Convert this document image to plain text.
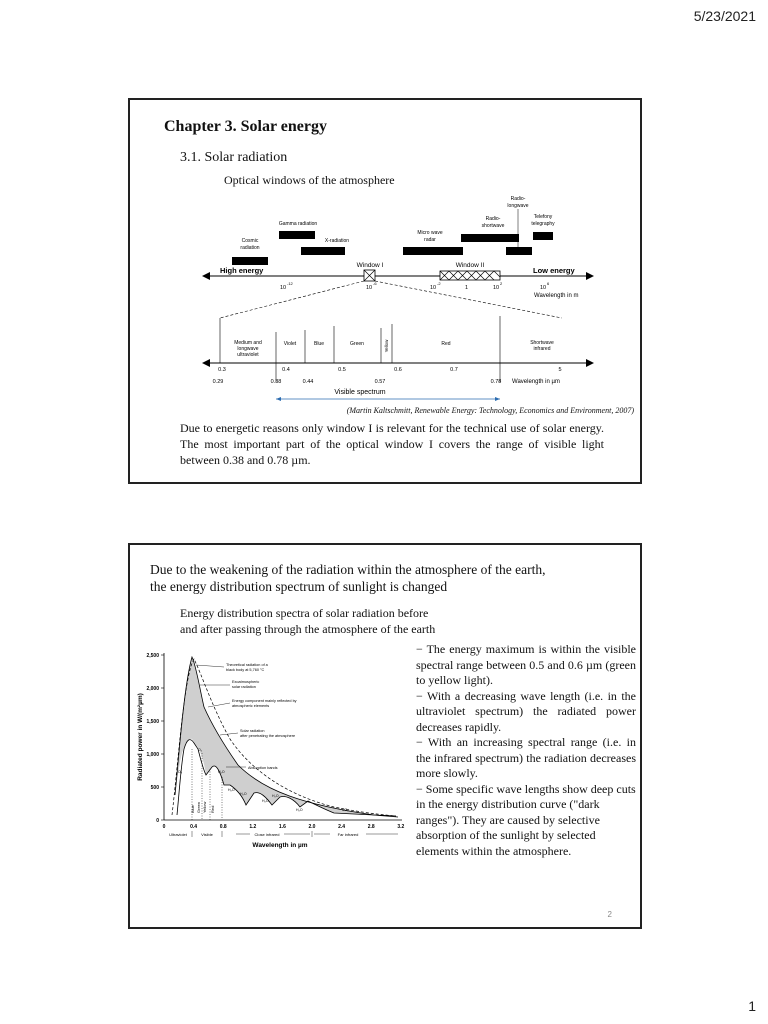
5/23/2021
Chapter 3. Solar energy
3.1. Solar radiation
Optical windows of the atmosphere
Cosmic
radiation
Gamma radiation
X-radiation
Micro wave
radar
Radio-
shortwave
Radio-
longwave
Telefony
telegraphy
High energy	Low energy
Window I	Window II
10
-12
10
-6
10
-2
1	10
2
10
6
Wavelength in m
Medium and
longwave
ultraviolet
Violet	Blue	Green	Yellow	Red	Shortwave
infrared
0.3	0.4	0.5	0.6	0.7	5
0.29	0.38	0.44	0.57	0.78 Wavelength in µm
Visible spectrum
(Martin Kaltschmitt, Renewable Energy: Technology, Economics and Environment, 2007)
Due to energetic reasons only window I is relevant for the technical use of solar energy. The most important part of the optical window I covers the range of visible light between 0.38 and 0.78 µm.
Due to the weakening of the radiation within the atmosphere of the earth,
the energy distribution spectrum of sunlight is changed
Energy distribution spectra of solar radiation before
and after passing through the atmosphere of the earth
2,500
2,000
1,500
1,000
500
0
Radiated power in W/(m²µm)
0	0.4	0.8	1.2	1.6	2.0	2.4	2.8	3.2
Blue Green Yellow Red
Theoretical radiation of a
black body at 5,760 °C
Exoatmospheric
solar radiation
Energy component mainly reflected by
atmospheric elements
Solar radiation
after penetrating the atmosphere
Absorption bands
O₃
O₂
H₂O
H₂O
H₂O
H₂O
H₂O
H₂O	CO₂
Ultraviolet	Visible	Close infrared	Far infrared
Wavelength in µm

− The energy maximum is within the visible spectral range between 0.5 and 0.6 µm (green to yellow light).

− With a decreasing wave length (i.e. in the ultraviolet spectrum) the radiated power decreases rapidly.

− With an increasing spectral range (i.e. in the infrared spectrum) the radiation decreases more slowly.

− Some specific wave lengths show deep cuts in the energy distribution curve ("dark ranges"). They are caused by selective absorption of the sunlight by selected elements within the atmosphere.

2
1
